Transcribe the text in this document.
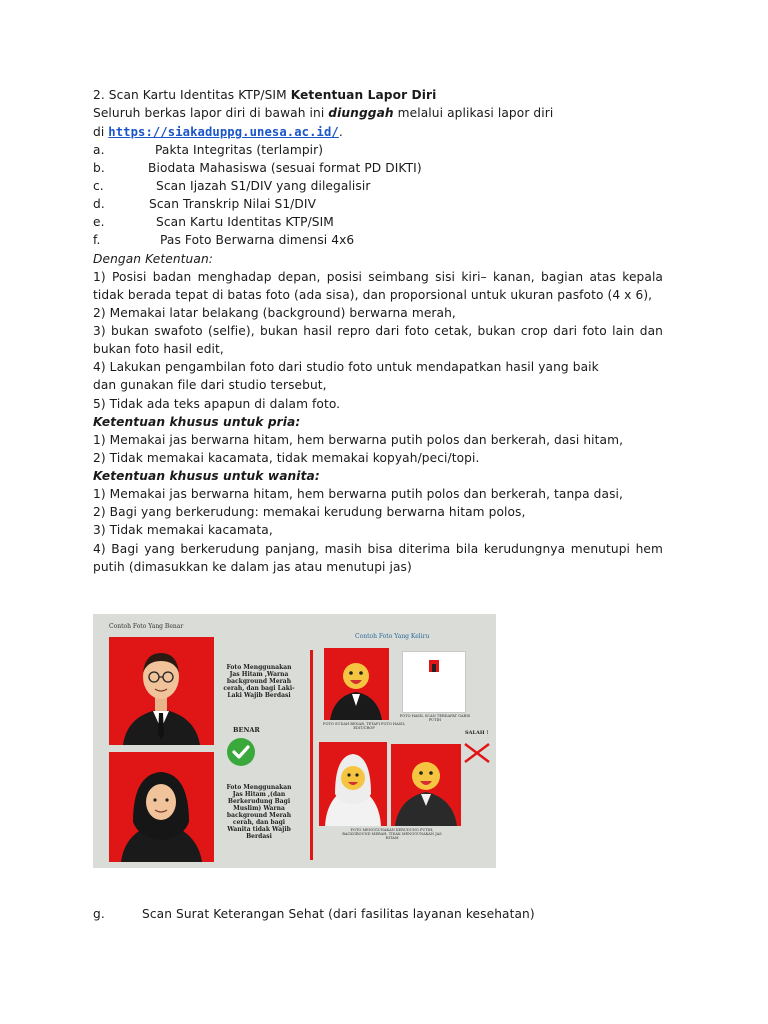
2. Scan Kartu Identitas KTP/SIM Ketentuan Lapor Diri
Seluruh berkas lapor diri di bawah ini diunggah melalui aplikasi lapor diri
di https://siakaduppg.unesa.ac.id/.
a.	Pakta Integritas (terlampir)
b.	Biodata Mahasiswa (sesuai format PD DIKTI)
c.	Scan Ijazah S1/DIV yang dilegalisir
d.	Scan Transkrip Nilai S1/DIV
e.	Scan Kartu Identitas KTP/SIM
f.	Pas Foto Berwarna dimensi 4x6
Dengan Ketentuan:
1) Posisi badan menghadap depan, posisi seimbang sisi kiri– kanan, bagian atas kepala tidak berada tepat di batas foto (ada sisa), dan proporsional untuk ukuran pasfoto (4 x 6),
2) Memakai latar belakang (background) berwarna merah,
3) bukan swafoto (selfie), bukan hasil repro dari foto cetak, bukan crop dari foto lain dan bukan foto hasil edit,
4) Lakukan pengambilan foto dari studio foto untuk mendapatkan hasil yang baik
dan gunakan file dari studio tersebut,
5) Tidak ada teks apapun di dalam foto.
Ketentuan khusus untuk pria:
1) Memakai jas berwarna hitam, hem berwarna putih polos dan berkerah, dasi hitam,
2) Tidak memakai kacamata, tidak memakai kopyah/peci/topi.
Ketentuan khusus untuk wanita:
1) Memakai jas berwarna hitam, hem berwarna putih polos dan berkerah, tanpa dasi,
2) Bagi yang berkerudung: memakai kerudung berwarna hitam polos,
3) Tidak memakai kacamata,
4) Bagi yang berkerudung panjang, masih bisa diterima bila kerudungnya menutupi hem putih (dimasukkan ke dalam jas atau menutupi jas)
Contoh Foto Yang Benar
Contoh Foto Yang Keliru
Foto Menggunakan Jas Hitam ,Warna background Merah cerah, dan bagi Laki-Laki Wajib Berdasi
BENAR
Foto Menggunakan Jas Hitam ,(dan Berkerudung Bagi Muslim) Warna background Merah cerah, dan bagi Wanita tidak Wajib Berdasi
FOTO SUDAH BENAR, TETAPI FOTO HASIL EDIT/CROP
FOTO HASIL SCAN TERDAPAT GARIS PUTIH
SALAH !
FOTO MENGGUNAKAN KERUDUNG PUTIH, BACKGROUND MERAH, TIDAK MENGGUNAKAN JAS HITAM
g.	Scan Surat Keterangan Sehat (dari fasilitas layanan kesehatan)
